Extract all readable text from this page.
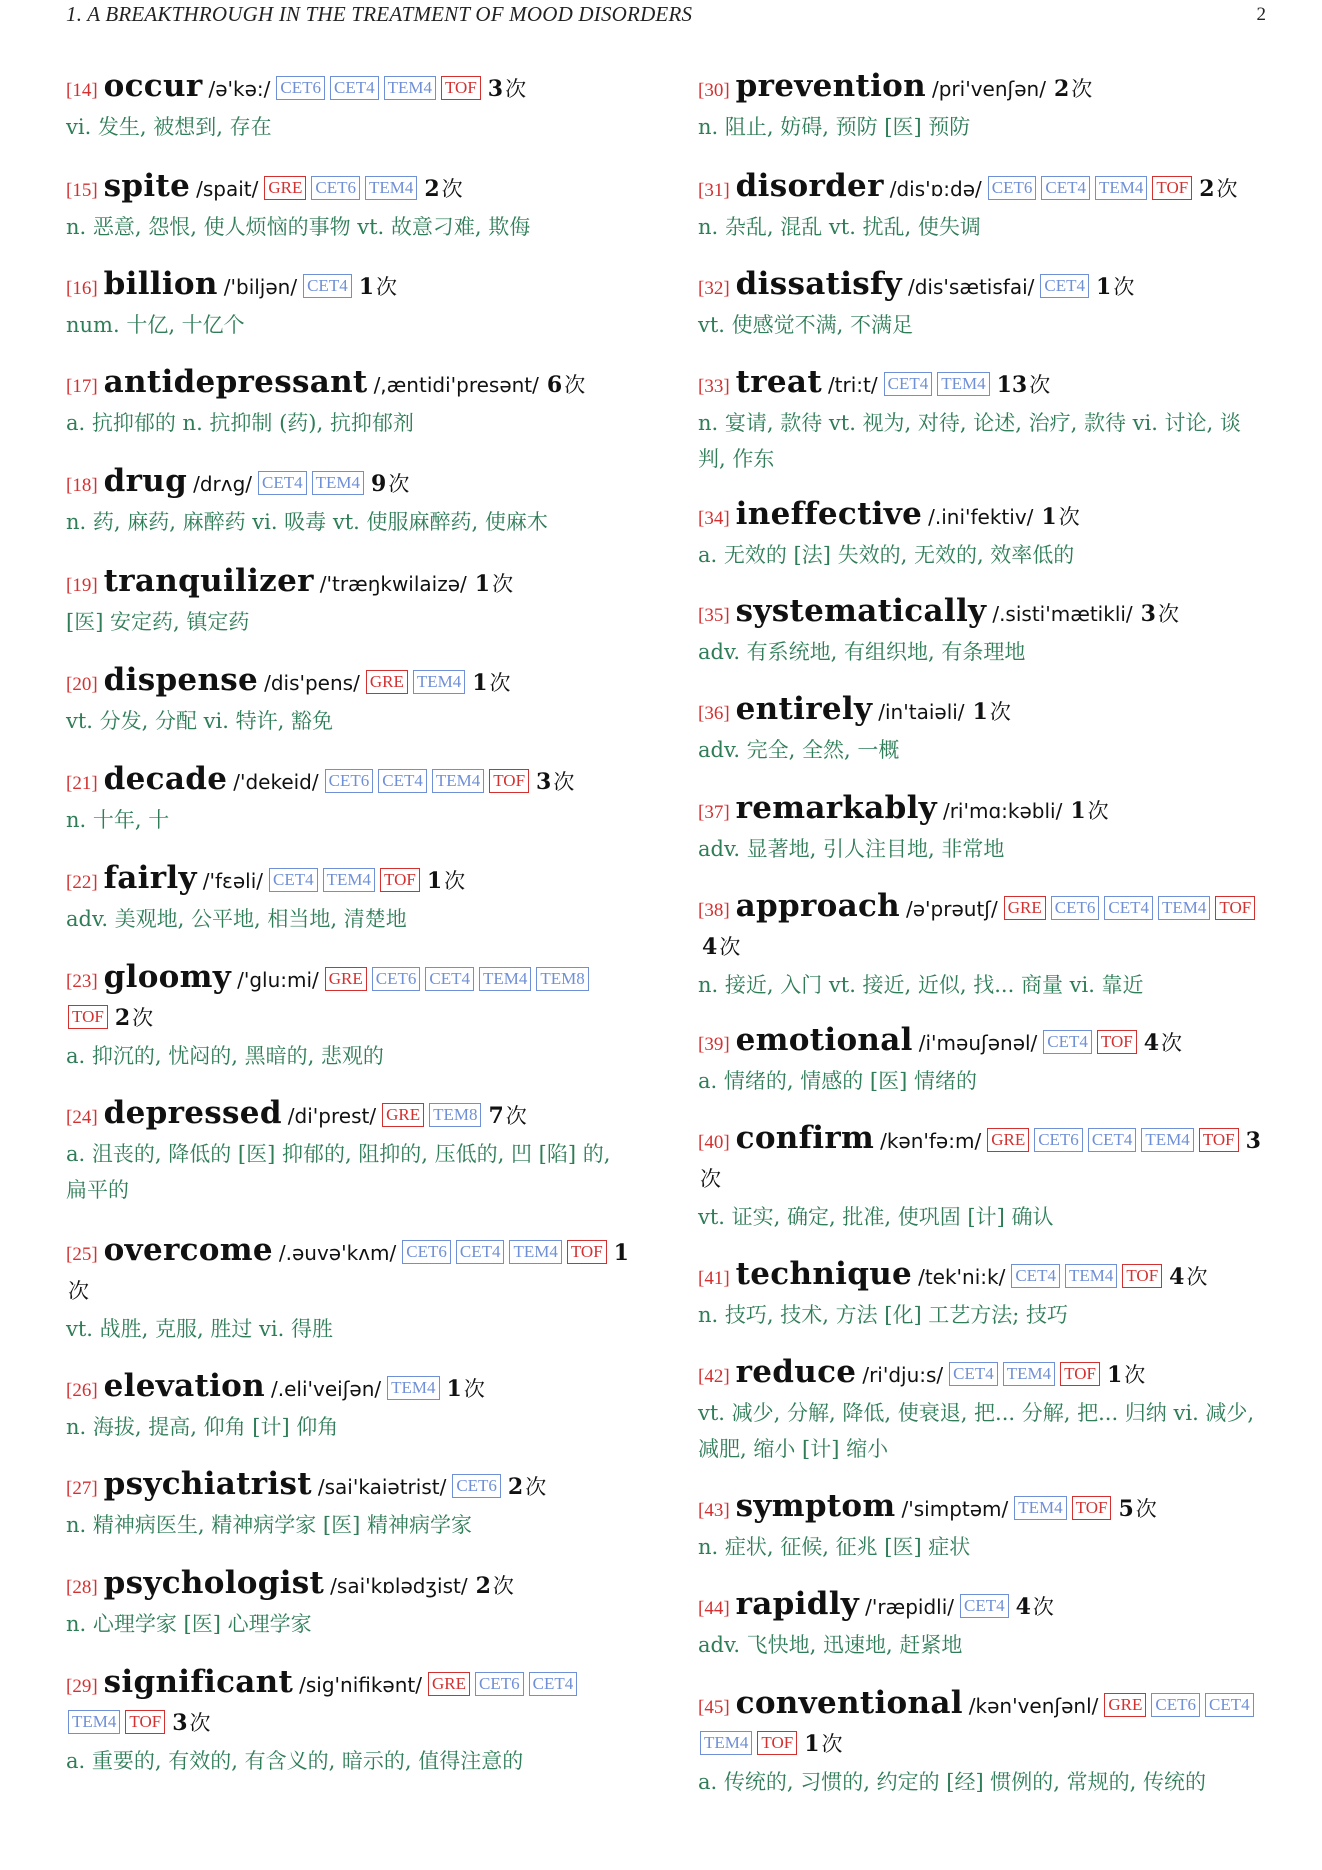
1. A BREAKTHROUGH IN THE TREATMENT OF MOOD DISORDERS	2
[14] occur /ə'kə:/ CET6 CET4 TEM4 TOF 3次
vi. 发生, 被想到, 存在
[15] spite /spait/ GRE CET6 TEM4 2次
n. 恶意, 怨恨, 使人烦恼的事物 vt. 故意刁难, 欺侮
[16] billion /'biljən/ CET4 1次
num. 十亿, 十亿个
[17] antidepressant /,æntidi'presənt/ 6次
a. 抗抑郁的 n. 抗抑制 (药), 抗抑郁剂
[18] drug /drʌg/ CET4 TEM4 9次
n. 药, 麻药, 麻醉药 vi. 吸毒 vt. 使服麻醉药, 使麻木
[19] tranquilizer /'træŋkwilaizə/ 1次
[医] 安定药, 镇定药
[20] dispense /dis'pens/ GRE TEM4 1次
vt. 分发, 分配 vi. 特许, 豁免
[21] decade /'dekeid/ CET6 CET4 TEM4 TOF 3次
n. 十年, 十
[22] fairly /'fɛəli/ CET4 TEM4 TOF 1次
adv. 美观地, 公平地, 相当地, 清楚地
[23] gloomy /'glu:mi/ GRE CET6 CET4 TEM4 TEM8TOF 2次
a. 抑沉的, 忧闷的, 黑暗的, 悲观的
[24] depressed /di'prest/ GRE TEM8 7次
a. 沮丧的, 降低的 [医] 抑郁的, 阻抑的, 压低的, 凹 [陷] 的, 扁平的
[25] overcome /.əuvə'kʌm/ CET6 CET4 TEM4 TOF 1次
vt. 战胜, 克服, 胜过 vi. 得胜
[26] elevation /.eli'veiʃən/ TEM4 1次
n. 海拔, 提高, 仰角 [计] 仰角
[27] psychiatrist /sai'kaiətrist/ CET6 2次
n. 精神病医生, 精神病学家 [医] 精神病学家
[28] psychologist /sai'kɒlədʒist/ 2次
n. 心理学家 [医] 心理学家
[29] significant /sig'nifikənt/ GRE CET6 CET4TEM4 TOF 3次
a. 重要的, 有效的, 有含义的, 暗示的, 值得注意的
[30] prevention /pri'venʃən/ 2次
n. 阻止, 妨碍, 预防 [医] 预防
[31] disorder /dis'ɒ:də/ CET6 CET4 TEM4 TOF 2次
n. 杂乱, 混乱 vt. 扰乱, 使失调
[32] dissatisfy /dis'sætisfai/ CET4 1次
vt. 使感觉不满, 不满足
[33] treat /tri:t/ CET4 TEM4 13次
n. 宴请, 款待 vt. 视为, 对待, 论述, 治疗, 款待 vi. 讨论, 谈判, 作东
[34] ineffective /.ini'fektiv/ 1次
a. 无效的 [法] 失效的, 无效的, 效率低的
[35] systematically /.sisti'mætikli/ 3次
adv. 有系统地, 有组织地, 有条理地
[36] entirely /in'taiəli/ 1次
adv. 完全, 全然, 一概
[37] remarkably /ri'mɑ:kəbli/ 1次
adv. 显著地, 引人注目地, 非常地
[38] approach /ə'prəutʃ/ GRE CET6 CET4 TEM4 TOF4次
n. 接近, 入门 vt. 接近, 近似, 找... 商量 vi. 靠近
[39] emotional /i'məuʃənəl/ CET4 TOF 4次
a. 情绪的, 情感的 [医] 情绪的
[40] confirm /kən'fə:m/ GRE CET6 CET4 TEM4 TOF 3次
vt. 证实, 确定, 批准, 使巩固 [计] 确认
[41] technique /tek'ni:k/ CET4 TEM4 TOF 4次
n. 技巧, 技术, 方法 [化] 工艺方法; 技巧
[42] reduce /ri'dju:s/ CET4 TEM4 TOF 1次
vt. 减少, 分解, 降低, 使衰退, 把... 分解, 把... 归纳 vi. 减少, 减肥, 缩小 [计] 缩小
[43] symptom /'simptəm/ TEM4 TOF 5次
n. 症状, 征候, 征兆 [医] 症状
[44] rapidly /'ræpidli/ CET4 4次
adv. 飞快地, 迅速地, 赶紧地
[45] conventional /kən'venʃənl/ GRE CET6 CET4TEM4 TOF 1次
a. 传统的, 习惯的, 约定的 [经] 惯例的, 常规的, 传统的
